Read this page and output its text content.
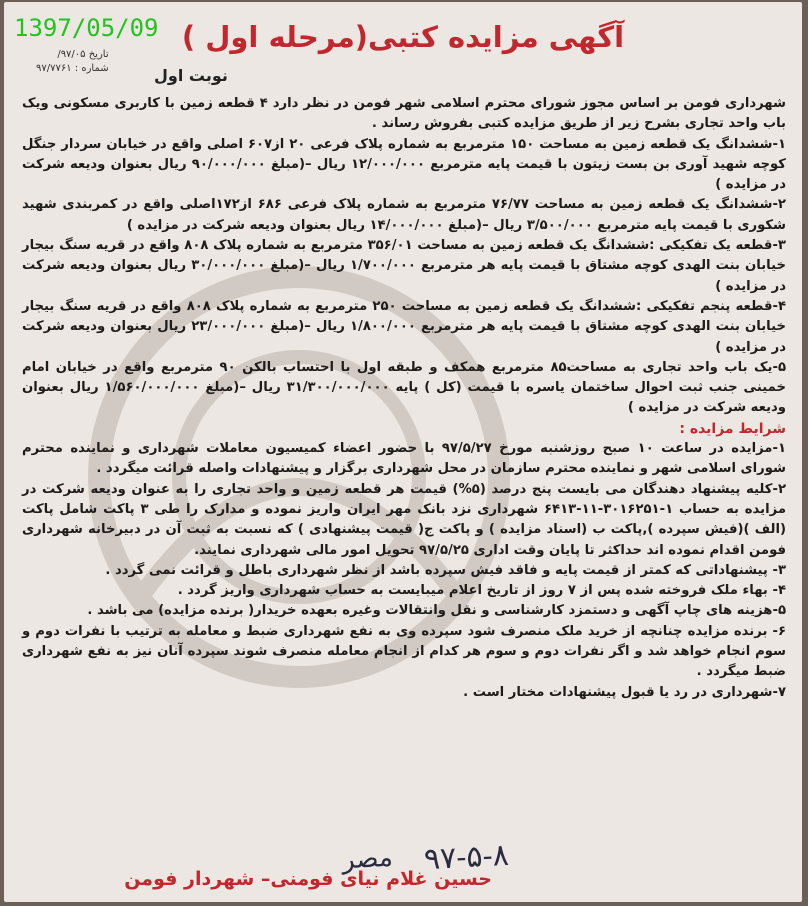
آگهی مزایده کتبی(مرحله اول )
تاریخ ۹۷/۰۵/
شماره : ۹۷/۷۷۶۱	نوبت اول

شهرداری فومن بر اساس مجوز شورای محترم اسلامی شهر فومن در نظر دارد ۴ قطعه زمین با کاربری مسکونی ویک باب واحد تجاری بشرح زیر از طریق مزایده کتبی بفروش رساند .

۱-ششدانگ یک قطعه زمین به مساحت ۱۵۰ مترمربع به شماره پلاک فرعی ۲۰ از۶۰۷ اصلی واقع در خیابان سردار جنگل کوچه شهید آوری بن بست زیتون با قیمت پایه مترمربع ۱۲/۰۰۰/۰۰۰ ریال –(مبلغ ۹۰/۰۰۰/۰۰۰ ریال بعنوان ودیعه شرکت در مزایده )

۲-ششدانگ یک قطعه زمین به مساحت ۷۶/۷۷ مترمربع به شماره پلاک فرعی ۶۸۶ از۱۷۲اصلی واقع در کمربندی شهید شکوری با قیمت پایه مترمربع ۳/۵۰۰/۰۰۰ ریال –(مبلغ ۱۴/۰۰۰/۰۰۰ ریال بعنوان ودیعه شرکت در مزایده )

۳-قطعه یک تفکیکی :ششدانگ یک قطعه زمین به مساحت ۳۵۶/۰۱ مترمربع به شماره پلاک ۸۰۸ واقع در قریه سنگ بیجار خیابان بنت الهدی کوچه مشتاق با قیمت پایه هر مترمربع ۱/۷۰۰/۰۰۰ ریال –(مبلغ ۳۰/۰۰۰/۰۰۰ ریال بعنوان ودیعه شرکت در مزایده )

۴-قطعه پنجم تفکیکی :ششدانگ یک قطعه زمین به مساحت ۲۵۰ مترمربع به شماره پلاک ۸۰۸ واقع در قریه سنگ بیجار خیابان بنت الهدی کوچه مشتاق با قیمت پایه هر مترمربع ۱/۸۰۰/۰۰۰ ریال –(مبلغ ۲۳/۰۰۰/۰۰۰ ریال بعنوان ودیعه شرکت در مزایده )

۵-یک باب واحد تجاری به مساحت۸۵ مترمربع همکف و طبقه اول با احتساب بالکن ۹۰ مترمربع واقع در خیابان امام خمینی جنب ثبت احوال ساختمان یاسره با قیمت (کل ) پایه ۳۱/۳۰۰/۰۰۰/۰۰۰ ریال –(مبلغ ۱/۵۶۰/۰۰۰/۰۰۰ ریال بعنوان ودیعه شرکت در مزایده )

شرایط مزایده :

۱-مزایده در ساعت ۱۰ صبح روزشنبه مورخ ۹۷/۵/۲۷ با حضور اعضاء کمیسیون معاملات شهرداری و نماینده محترم شورای اسلامی شهر و نماینده محترم سازمان در محل شهرداری برگزار و پیشنهادات واصله قرائت میگردد .

۲-کلیه پیشنهاد دهندگان می بایست پنج درصد (۵%) قیمت هر قطعه زمین و واحد تجاری را به عنوان ودیعه شرکت در مزایده به حساب ۱-۳۰۱۶۲۵۱-۱۱-۶۴۱۳ شهرداری نزد بانک مهر ایران واریز نموده و مدارک را طی ۳ پاکت شامل پاکت (الف )(فیش سپرده ),پاکت ب (اسناد مزایده ) و پاکت ج( قیمت پیشنهادی ) که نسبت به ثبت آن در دبیرخانه شهرداری فومن اقدام نموده اند حداکثر تا پایان وقت اداری ۹۷/۵/۲۵ تحویل امور مالی شهرداری نمایند.

۳- پیشنهاداتی که کمتر از قیمت پایه و فاقد فیش سپرده باشد از نظر شهرداری باطل و قرائت نمی گردد .

۴- بهاء ملک فروخته شده پس از ۷ روز از تاریخ اعلام میبایست به حساب شهرداری واریز گردد .

۵-هزینه های چاپ آگهی و دستمزد کارشناسی و نقل وانتقالات وغیره بعهده خریدار( برنده مزایده) می باشد .

۶- برنده مزایده چنانچه از خرید ملک منصرف شود سپرده وی به نفع شهرداری ضبط و معامله به ترتیب با نفرات دوم و سوم انجام خواهد شد و اگر نفرات دوم و سوم هر کدام از انجام معامله منصرف شوند سپرده آنان نیز به نفع شهرداری ضبط میگردد .

۷-شهرداری در رد یا قبول پیشنهادات مختار است .

۹۷-۵-۸
مصر
حسین غلام نیای فومنی– شهردار فومن
1397/05/09
